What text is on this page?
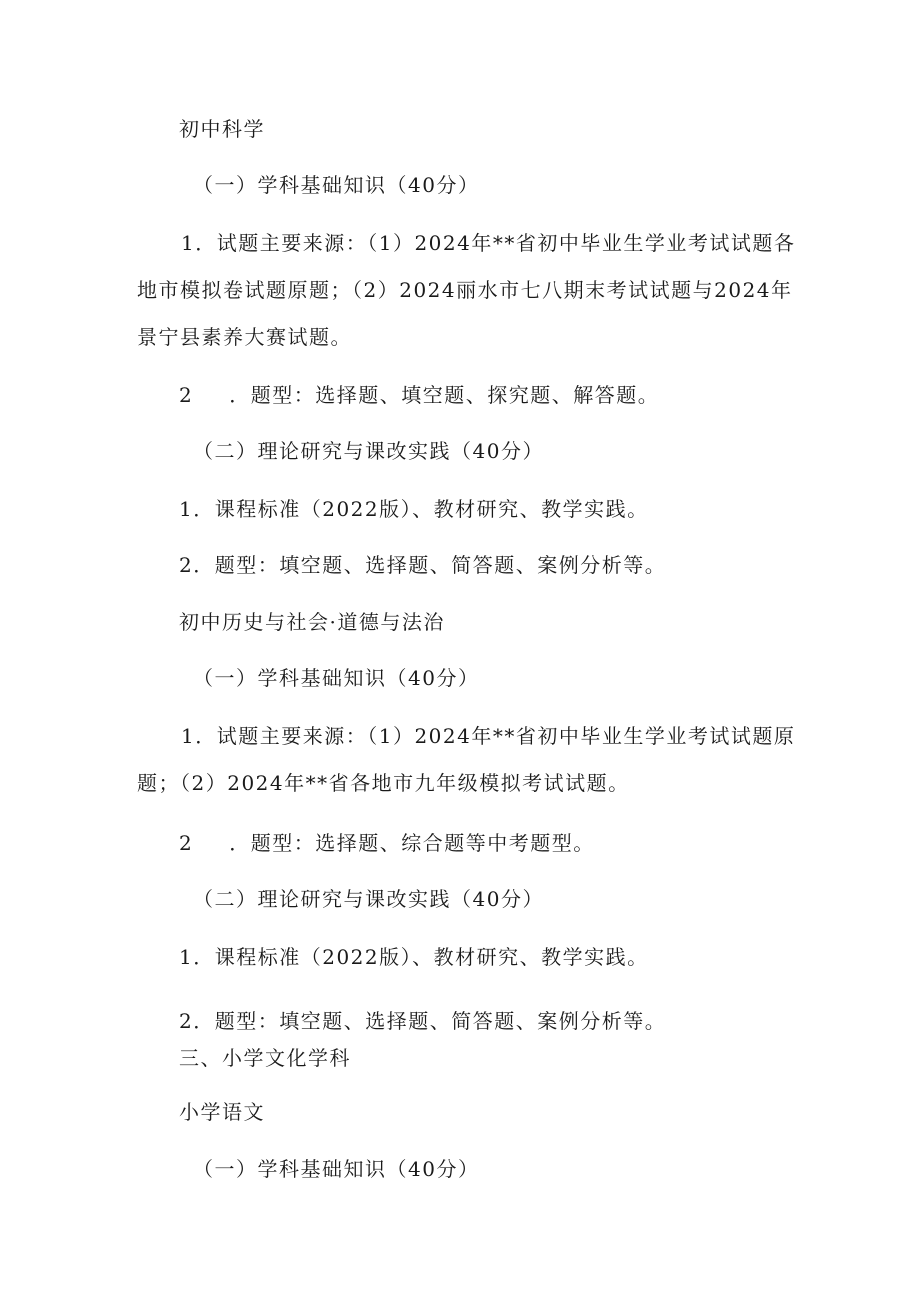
初中科学
（一）学科基础知识（40分）
1．试题主要来源：（1）2024年**省初中毕业生学业考试试题各
地市模拟卷试题原题；（2）2024丽水市七八期末考试试题与2024年
景宁县素养大赛试题。
2 ．题型：选择题、填空题、探究题、解答题。
（二）理论研究与课改实践（40分）
1．课程标准（2022版）、教材研究、教学实践。
2．题型：填空题、选择题、简答题、案例分析等。
初中历史与社会·道德与法治
（一）学科基础知识（40分）
1．试题主要来源：（1）2024年**省初中毕业生学业考试试题原
题；（2）2024年**省各地市九年级模拟考试试题。
2 ．题型：选择题、综合题等中考题型。
（二）理论研究与课改实践（40分）
1．课程标准（2022版）、教材研究、教学实践。
2．题型：填空题、选择题、简答题、案例分析等。
三、小学文化学科
小学语文
（一）学科基础知识（40分）
